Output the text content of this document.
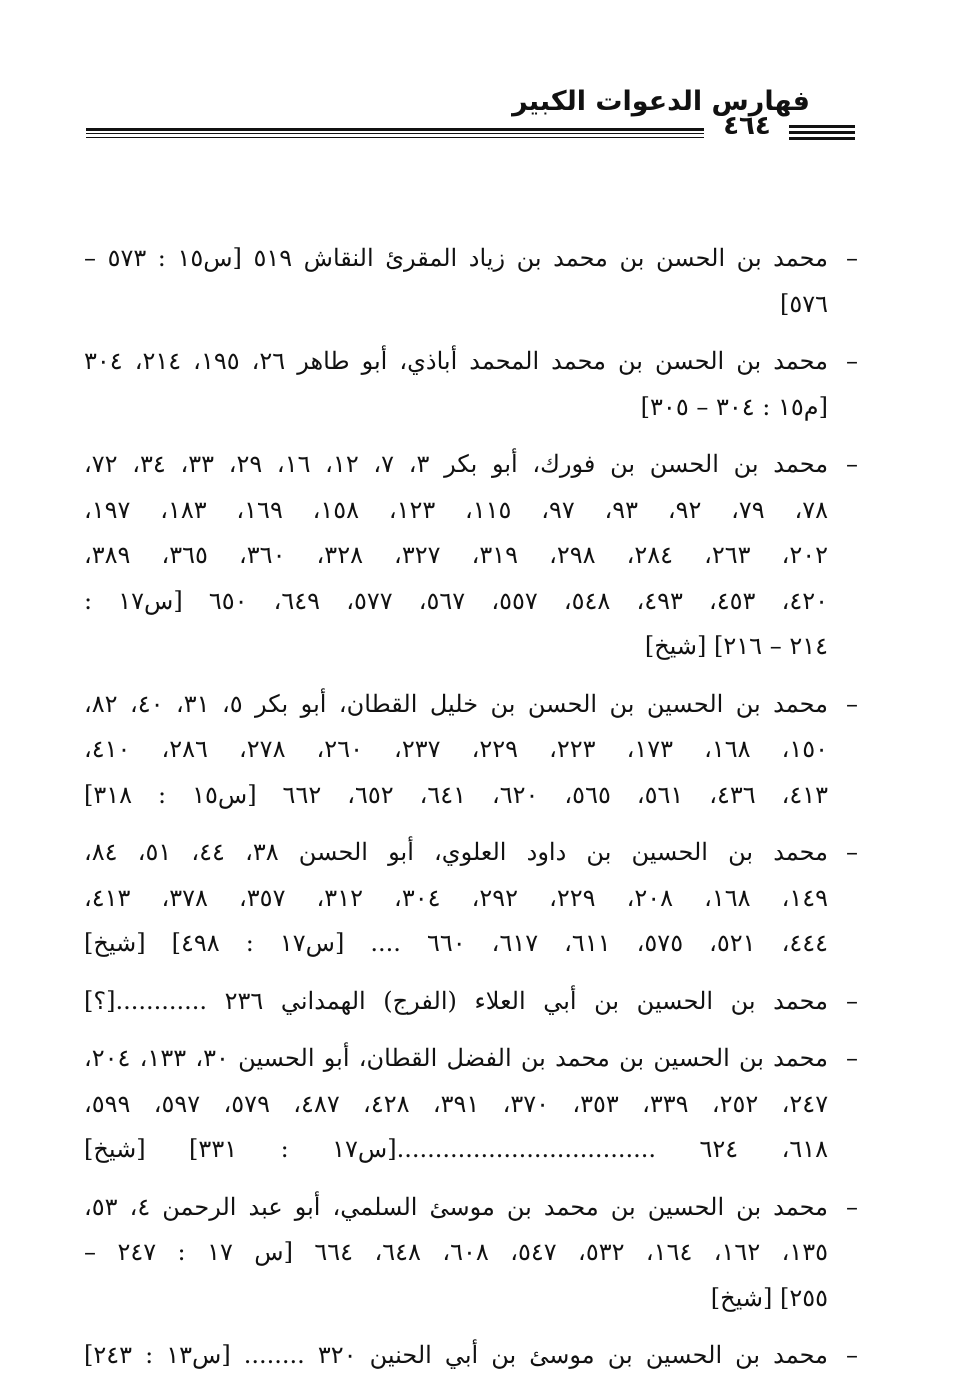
فهارس الدعوات الكبير
٤٦٤
–
محمد بن الحسن بن محمد بن زياد المقرئ النقاش ٥١٩ [س١٥ : ٥٧٣ –
٥٧٦]
–
محمد بن الحسن بن محمد المحمد أباذي، أبو طاهر ٢٦، ١٩٥، ٢١٤، ٣٠٤
[م١٥ : ٣٠٤ – ٣٠٥]
–
محمد بن الحسن بن فورك، أبو بكر ٣، ٧، ١٢، ١٦، ٢٩، ٣٣، ٣٤، ٧٢،
٧٨، ٧٩، ٩٢، ٩٣، ٩٧، ١١٥، ١٢٣، ١٥٨، ١٦٩، ١٨٣، ١٩٧،
٢٠٢، ٢٦٣، ٢٨٤، ٢٩٨، ٣١٩، ٣٢٧، ٣٢٨، ٣٦٠، ٣٦٥، ٣٨٩،
٤٢٠، ٤٥٣، ٤٩٣، ٥٤٨، ٥٥٧، ٥٦٧، ٥٧٧، ٦٤٩، ٦٥٠ [س١٧ :
٢١٤ – ٢١٦] [شيخ]
–
محمد بن الحسين بن الحسن بن خليل القطان، أبو بكر ٥، ٣١، ٤٠، ٨٢،
١٥٠، ١٦٨، ١٧٣، ٢٢٣، ٢٢٩، ٢٣٧، ٢٦٠، ٢٧٨، ٢٨٦، ٤١٠،
٤١٣، ٤٣٦، ٥٦١، ٥٦٥، ٦٢٠، ٦٤١، ٦٥٢، ٦٦٢ [س١٥ : ٣١٨]
–
محمد بن الحسين بن داود العلوي، أبو الحسن ٣٨، ٤٤، ٥١، ٨٤،
١٤٩، ١٦٨، ٢٠٨، ٢٢٩، ٢٩٢، ٣٠٤، ٣١٢، ٣٥٧، ٣٧٨، ٤١٣،
٤٤٤، ٥٢١، ٥٧٥، ٦١١، ٦١٧، ٦٦٠ .... [س١٧ : ٤٩٨] [شيخ]
–
محمد بن الحسين بن أبي العلاء (الفرج) الهمداني ٢٣٦ ............[؟]
–
محمد بن الحسين بن محمد بن الفضل القطان، أبو الحسين ٣٠، ١٣٣، ٢٠٤،
٢٤٧، ٢٥٢، ٣٣٩، ٣٥٣، ٣٧٠، ٣٩١، ٤٢٨، ٤٨٧، ٥٧٩، ٥٩٧، ٥٩٩،
٦١٨، ٦٢٤ ..................................[س١٧ : ٣٣١] [شيخ]
–
محمد بن الحسين بن محمد بن موسئ السلمي، أبو عبد الرحمن ٤، ٥٣،
١٣٥، ١٦٢، ١٦٤، ٥٣٢، ٥٤٧، ٦٠٨، ٦٤٨، ٦٦٤ [س ١٧ : ٢٤٧ –
٢٥٥] [شيخ]
–
محمد بن الحسين بن موسئ بن أبي الحنين ٣٢٠ ........ [س١٣ : ٢٤٣]
